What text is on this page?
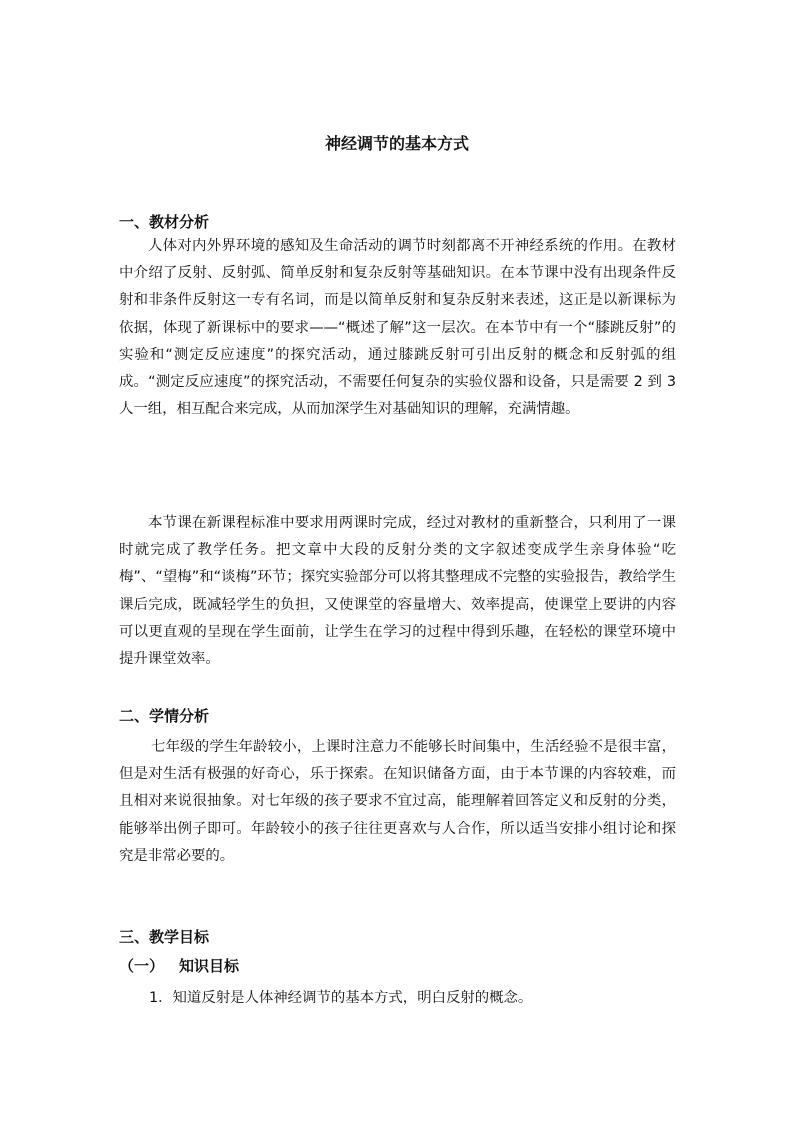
神经调节的基本方式
一、教材分析
人体对内外界环境的感知及生命活动的调节时刻都离不开神经系统的作用。在教材中介绍了反射、反射弧、简单反射和复杂反射等基础知识。在本节课中没有出现条件反射和非条件反射这一专有名词，而是以简单反射和复杂反射来表述，这正是以新课标为依据，体现了新课标中的要求——“概述了解”这一层次。在本节中有一个“膝跳反射”的实验和“测定反应速度”的探究活动，通过膝跳反射可引出反射的概念和反射弧的组成。“测定反应速度”的探究活动，不需要任何复杂的实验仪器和设备，只是需要 2 到 3 人一组，相互配合来完成，从而加深学生对基础知识的理解，充满情趣。
本节课在新课程标准中要求用两课时完成，经过对教材的重新整合，只利用了一课时就完成了教学任务。把文章中大段的反射分类的文字叙述变成学生亲身体验“吃梅”、“望梅”和“谈梅”环节；探究实验部分可以将其整理成不完整的实验报告，教给学生课后完成，既减轻学生的负担，又使课堂的容量增大、效率提高，使课堂上要讲的内容可以更直观的呈现在学生面前，让学生在学习的过程中得到乐趣，在轻松的课堂环境中提升课堂效率。
二、学情分析
七年级的学生年龄较小，上课时注意力不能够长时间集中，生活经验不是很丰富，但是对生活有极强的好奇心，乐于探索。在知识储备方面，由于本节课的内容较难，而且相对来说很抽象。对七年级的孩子要求不宜过高，能理解着回答定义和反射的分类，能够举出例子即可。年龄较小的孩子往往更喜欢与人合作，所以适当安排小组讨论和探究是非常必要的。
三、教学目标
（一） 知识目标
1．知道反射是人体神经调节的基本方式，明白反射的概念。
